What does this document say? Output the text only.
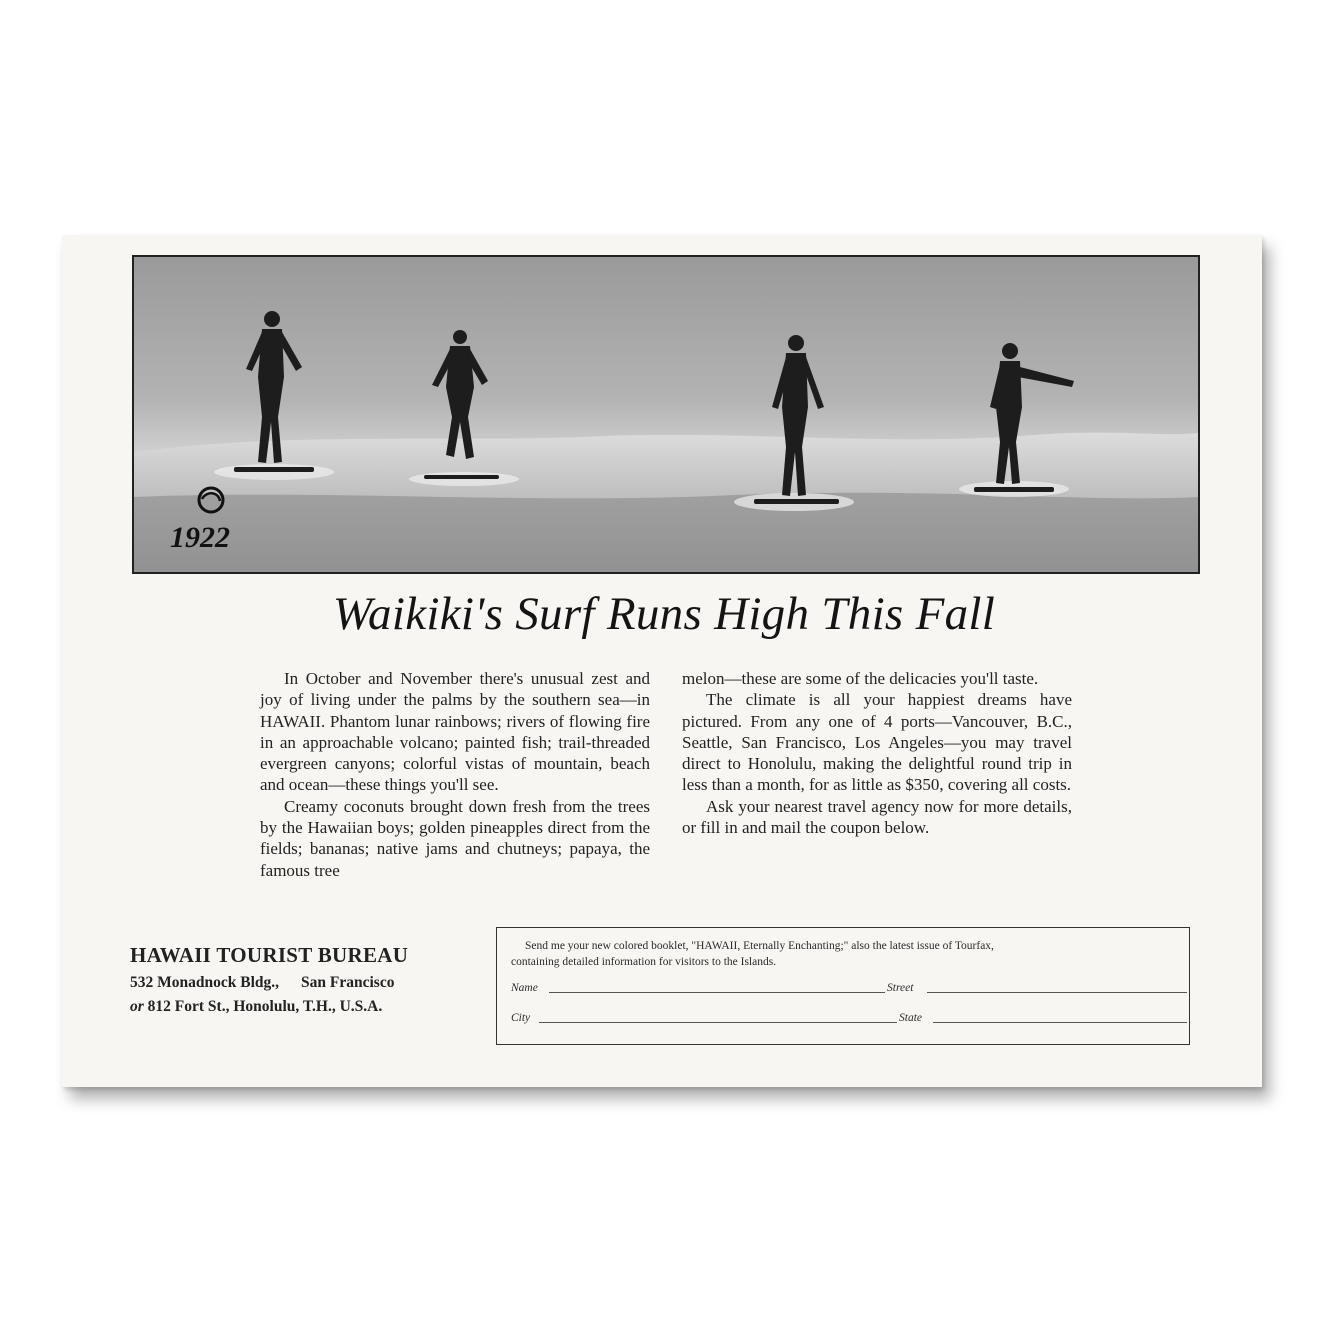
1922
Waikiki's Surf Runs High This Fall

In October and November there's unusual zest and joy of living under the palms by the southern sea—in HAWAII. Phantom lunar rainbows; rivers of flowing fire in an approachable volcano; painted fish; trail-threaded evergreen canyons; colorful vistas of mountain, beach and ocean—these things you'll see.

Creamy coconuts brought down fresh from the trees by the Hawaiian boys; golden pineapples direct from the fields; bananas; native jams and chutneys; papaya, the famous tree

melon—these are some of the delicacies you'll taste.

The climate is all your happiest dreams have pictured. From any one of 4 ports—Vancouver, B.C., Seattle, San Francisco, Los Angeles—you may travel direct to Honolulu, making the delightful round trip in less than a month, for as little as $350, covering all costs.

Ask your nearest travel agency now for more details, or fill in and mail the coupon below.

HAWAII TOURIST BUREAU
532 Monadnock Bldg., San Francisco
or 812 Fort St., Honolulu, T.H., U.S.A.
Send me your new colored booklet, "HAWAII, Eternally Enchanting;" also the latest issue of Tourfax,
containing detailed information for visitors to the Islands.
Name	Street
City	State
